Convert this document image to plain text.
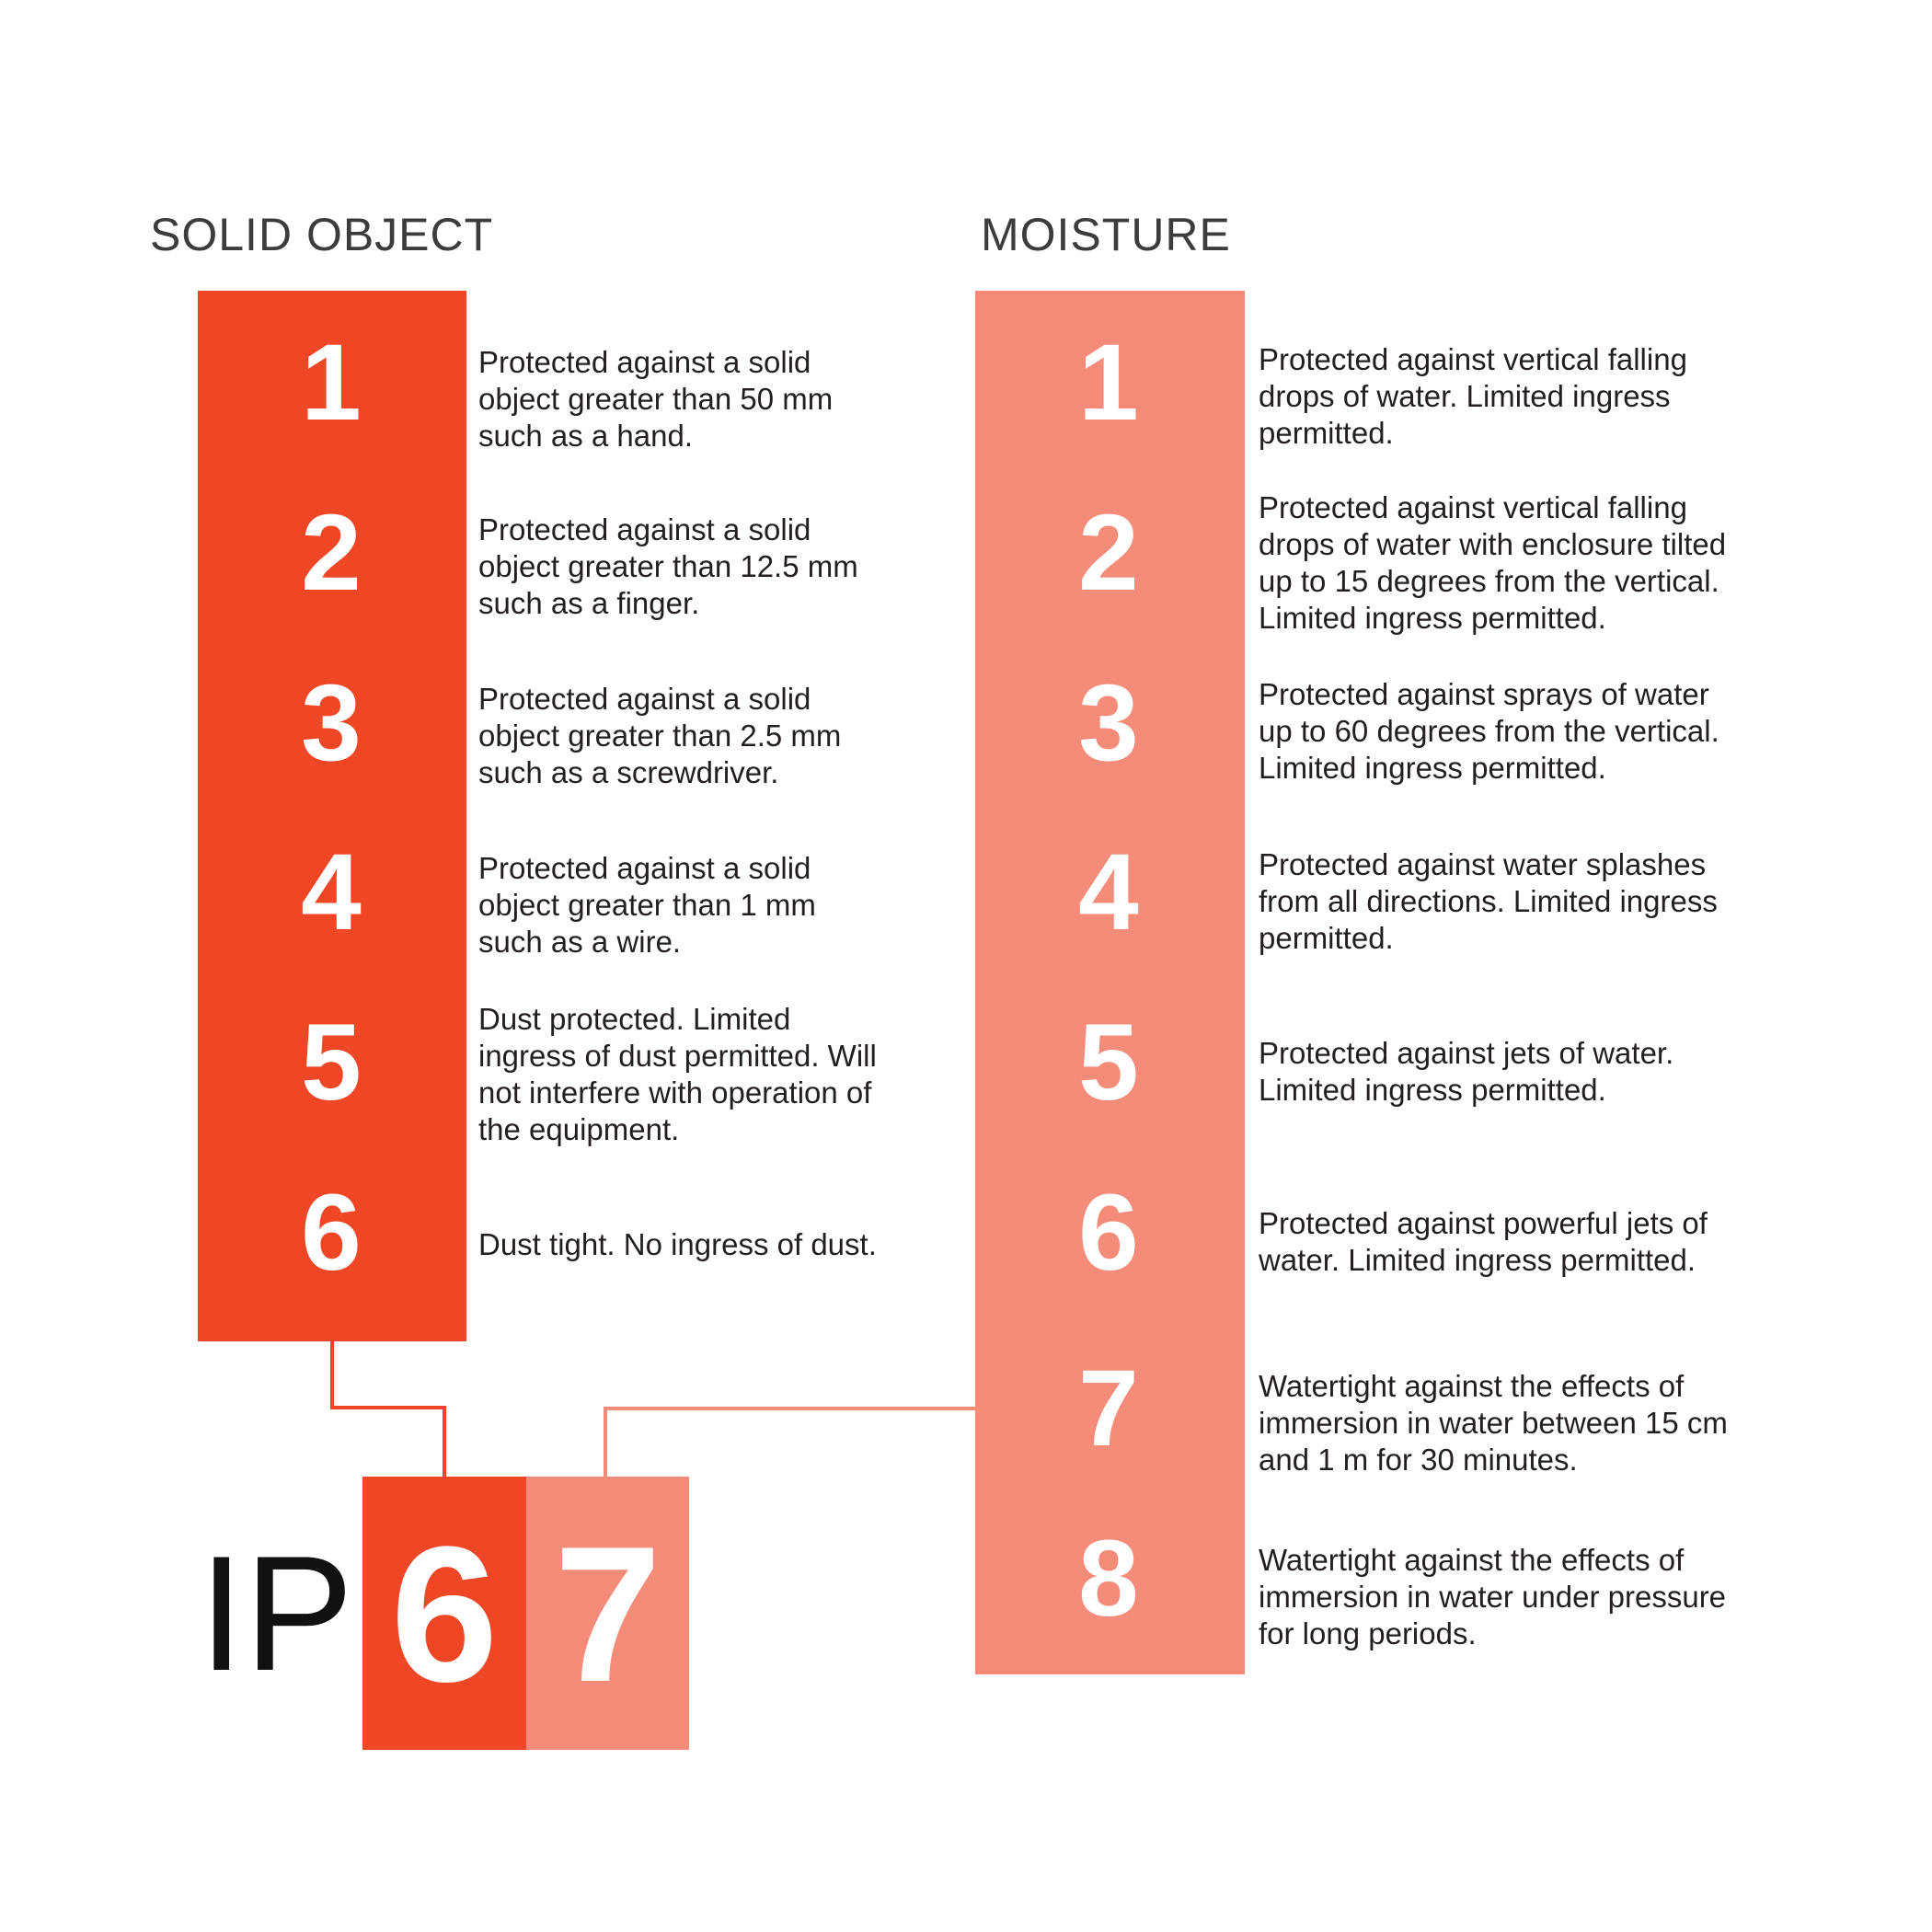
SOLID OBJECT	MOISTURE
1	Protected against a solid
object greater than 50 mm
such as a hand.
2	Protected against a solid
object greater than 12.5 mm
such as a finger.
3	Protected against a solid
object greater than 2.5 mm
such as a screwdriver.
4	Protected against a solid
object greater than 1 mm
such as a wire.
5	Dust protected. Limited
ingress of dust permitted. Will
not interfere with operation of
the equipment.
6	Dust tight. No ingress of dust.
1	Protected against vertical falling
drops of water. Limited ingress
permitted.
2	Protected against vertical falling
drops of water with enclosure tilted
up to 15 degrees from the vertical.
Limited ingress permitted.
3	Protected against sprays of water
up to 60 degrees from the vertical.
Limited ingress permitted.
4	Protected against water splashes
from all directions. Limited ingress
permitted.
5	Protected against jets of water.
Limited ingress permitted.
6	Protected against powerful jets of
water. Limited ingress permitted.
7	Watertight against the effects of
immersion in water between 15 cm
and 1 m for 30 minutes.
8	Watertight against the effects of
immersion in water under pressure
for long periods.
IP 6 7
